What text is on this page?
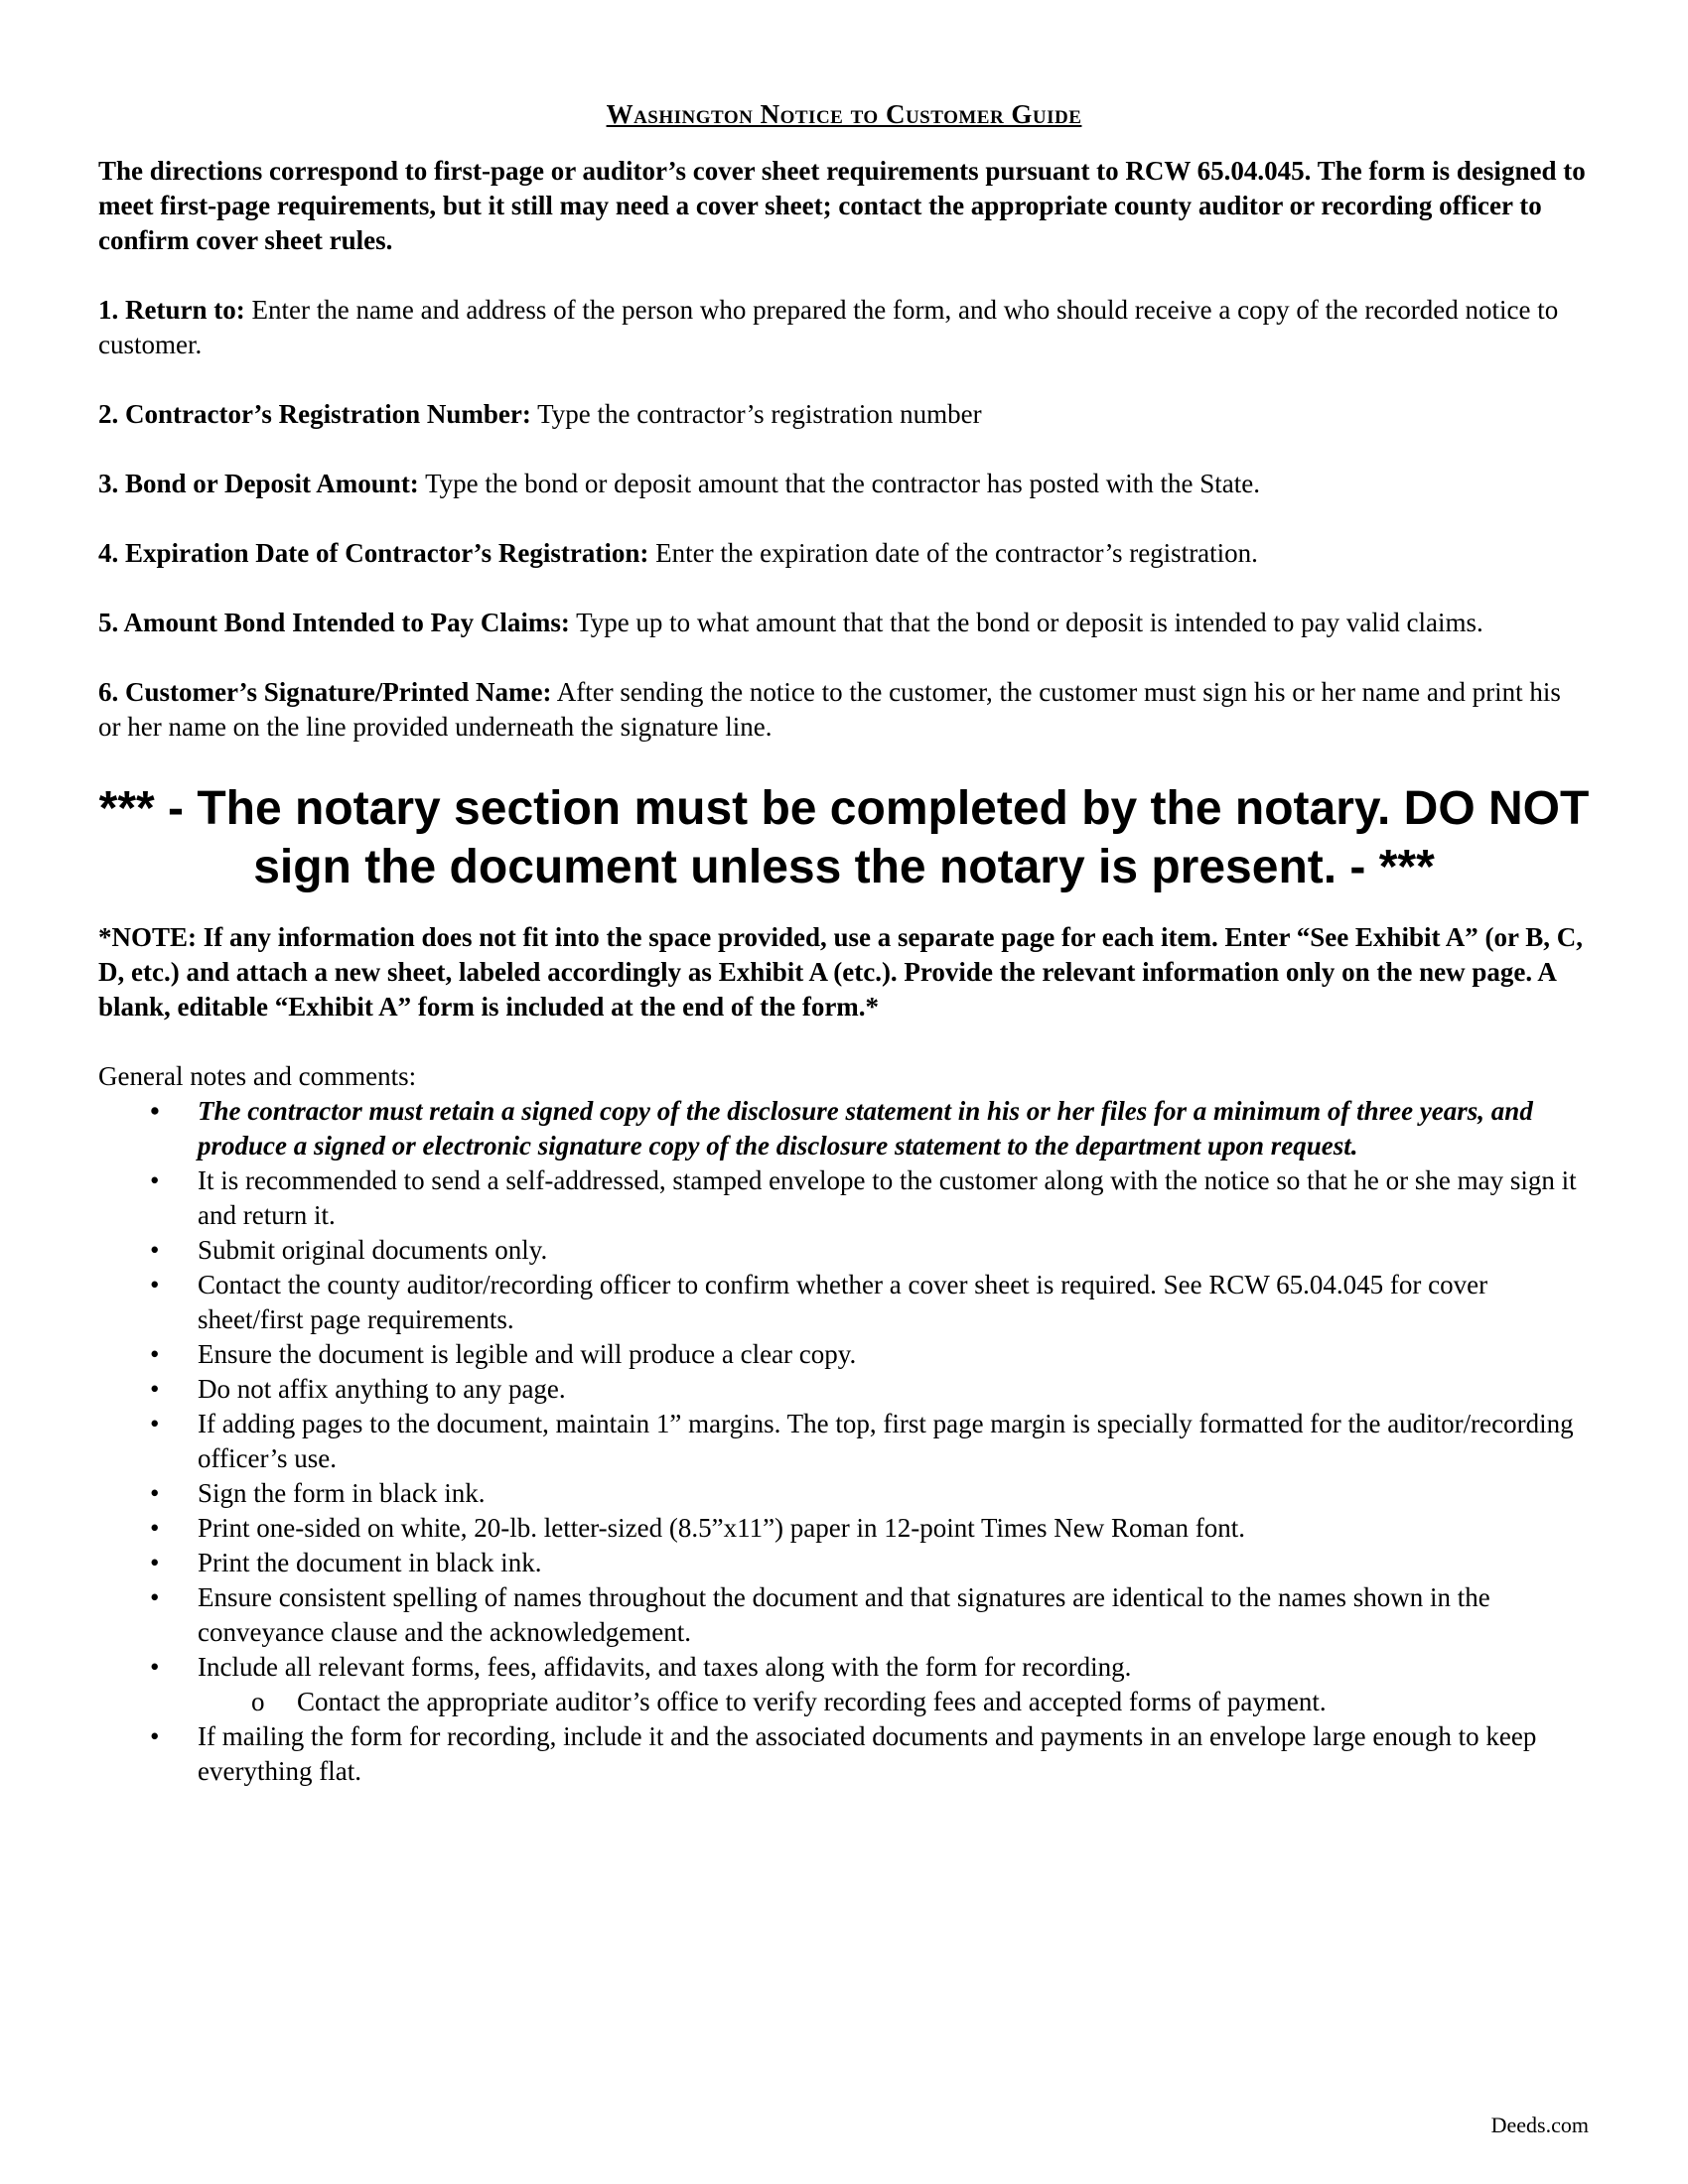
Washington Notice to Customer Guide

The directions correspond to first-page or auditor’s cover sheet requirements pursuant to RCW 65.04.045. The form is designed to meet first-page requirements, but it still may need a cover sheet; contact the appropriate county auditor or recording officer to confirm cover sheet rules.

1. Return to: Enter the name and address of the person who prepared the form, and who should receive a copy of the recorded notice to customer.

2. Contractor’s Registration Number: Type the contractor’s registration number

3. Bond or Deposit Amount: Type the bond or deposit amount that the contractor has posted with the State.

4. Expiration Date of Contractor’s Registration: Enter the expiration date of the contractor’s registration.

5. Amount Bond Intended to Pay Claims: Type up to what amount that that the bond or deposit is intended to pay valid claims.

6. Customer’s Signature/Printed Name: After sending the notice to the customer, the customer must sign his or her name and print his or her name on the line provided underneath the signature line.

*** - The notary section must be completed by the notary. DO NOT sign the document unless the notary is present. - ***

*NOTE: If any information does not fit into the space provided, use a separate page for each item. Enter “See Exhibit A” (or B, C, D, etc.) and attach a new sheet, labeled accordingly as Exhibit A (etc.). Provide the relevant information only on the new page. A blank, editable “Exhibit A” form is included at the end of the form.*

General notes and comments:

• The contractor must retain a signed copy of the disclosure statement in his or her files for a minimum of three years, and produce a signed or electronic signature copy of the disclosure statement to the department upon request.
• It is recommended to send a self-addressed, stamped envelope to the customer along with the notice so that he or she may sign it and return it.
• Submit original documents only.
• Contact the county auditor/recording officer to confirm whether a cover sheet is required. See RCW 65.04.045 for cover sheet/first page requirements.
• Ensure the document is legible and will produce a clear copy.
• Do not affix anything to any page.
• If adding pages to the document, maintain 1” margins. The top, first page margin is specially formatted for the auditor/recording officer’s use.
• Sign the form in black ink.
• Print one-sided on white, 20-lb. letter-sized (8.5”x11”) paper in 12-point Times New Roman font.
• Print the document in black ink.
• Ensure consistent spelling of names throughout the document and that signatures are identical to the names shown in the conveyance clause and the acknowledgement.
• Include all relevant forms, fees, affidavits, and taxes along with the form for recording.
o Contact the appropriate auditor’s office to verify recording fees and accepted forms of payment.
• If mailing the form for recording, include it and the associated documents and payments in an envelope large enough to keep everything flat.
Deeds.com
